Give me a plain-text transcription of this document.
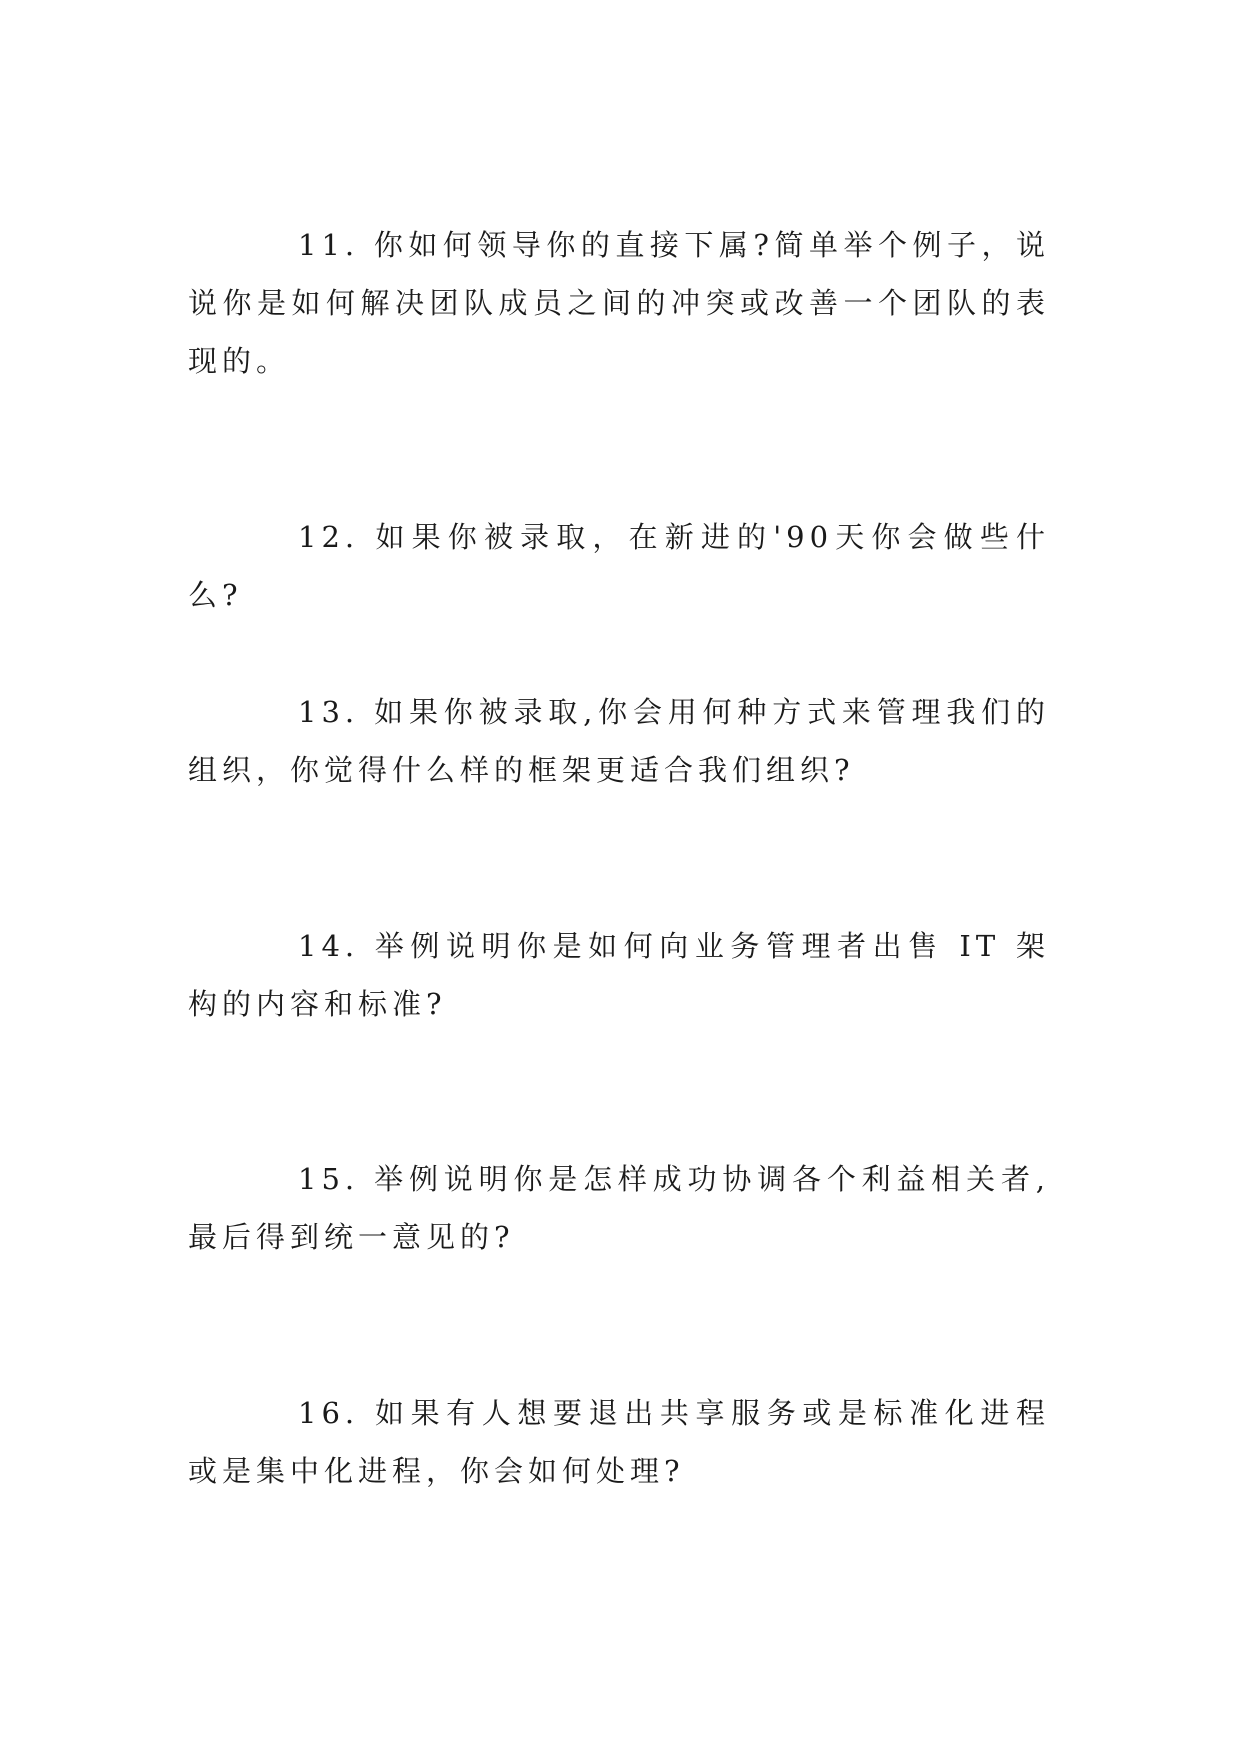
11. 你如何领导你的直接下属?简单举个例子，说说你是如何解决团队成员之间的冲突或改善一个团队的表现的。

12. 如果你被录取，在新进的'90天你会做些什么?

13. 如果你被录取,你会用何种方式来管理我们的组织，你觉得什么样的框架更适合我们组织?

14. 举例说明你是如何向业务管理者出售 IT 架构的内容和标准?

15. 举例说明你是怎样成功协调各个利益相关者,最后得到统一意见的?

16. 如果有人想要退出共享服务或是标准化进程或是集中化进程，你会如何处理?
